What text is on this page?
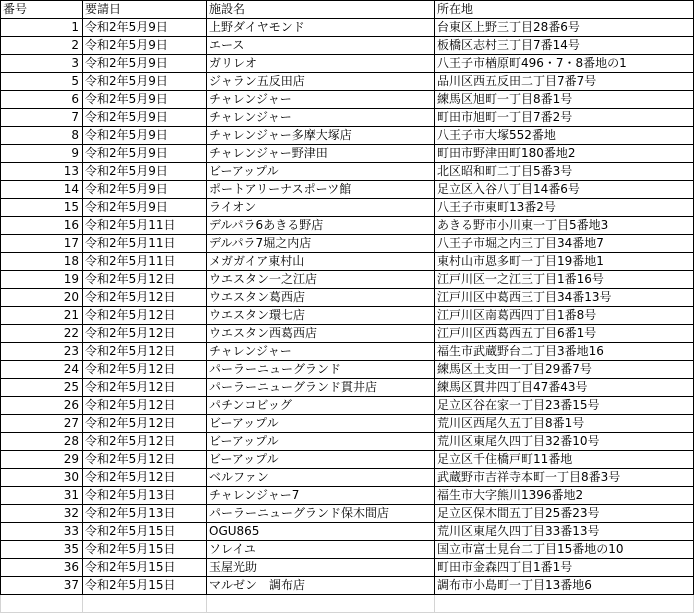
番号	要請日	施設名	所在地
1	令和2年5月9日	上野ダイヤモンド	台東区上野三丁目28番6号
2	令和2年5月9日	エース	板橋区志村三丁目7番14号
3	令和2年5月9日	ガリレオ	八王子市楢原町496・7・8番地の1
5	令和2年5月9日	ジャラン五反田店	品川区西五反田二丁目7番7号
6	令和2年5月9日	チャレンジャー	練馬区旭町一丁目8番1号
7	令和2年5月9日	チャレンジャー	町田市旭町一丁目7番2号
8	令和2年5月9日	チャレンジャー多摩大塚店	八王子市大塚552番地
9	令和2年5月9日	チャレンジャー野津田	町田市野津田町180番地2
13	令和2年5月9日	ビーアップル	北区昭和町二丁目5番3号
14	令和2年5月9日	ポートアリーナスポーツ館	足立区入谷八丁目14番6号
15	令和2年5月9日	ライオン	八王子市東町13番2号
16	令和2年5月11日	デルパラ6あきる野店	あきる野市小川東一丁目5番地3
17	令和2年5月11日	デルパラ7堀之内店	八王子市堀之内三丁目34番地7
18	令和2年5月11日	メガガイア東村山	東村山市恩多町一丁目19番地1
19	令和2年5月12日	ウエスタン一之江店	江戸川区一之江三丁目1番16号
20	令和2年5月12日	ウエスタン葛西店	江戸川区中葛西三丁目34番13号
21	令和2年5月12日	ウエスタン環七店	江戸川区南葛西四丁目1番8号
22	令和2年5月12日	ウエスタン西葛西店	江戸川区西葛西五丁目6番1号
23	令和2年5月12日	チャレンジャー	福生市武蔵野台二丁目3番地16
24	令和2年5月12日	パーラーニューグランド	練馬区土支田一丁目29番7号
25	令和2年5月12日	パーラーニューグランド貫井店	練馬区貫井四丁目47番43号
26	令和2年5月12日	パチンコビッグ	足立区谷在家一丁目23番15号
27	令和2年5月12日	ビーアップル	荒川区西尾久五丁目8番1号
28	令和2年5月12日	ビーアップル	荒川区東尾久四丁目32番10号
29	令和2年5月12日	ビーアップル	足立区千住橋戸町11番地
30	令和2年5月12日	ベルファン	武蔵野市吉祥寺本町一丁目8番3号
31	令和2年5月13日	チャレンジャー7	福生市大字熊川1396番地2
32	令和2年5月13日	パーラーニューグランド保木間店	足立区保木間五丁目25番23号
33	令和2年5月15日	OGU865	荒川区東尾久四丁目33番13号
35	令和2年5月15日	ソレイユ	国立市富士見台二丁目15番地の10
36	令和2年5月15日	玉屋光助	町田市金森四丁目1番1号
37	令和2年5月15日	マルゼン　調布店	調布市小島町一丁目13番地6
